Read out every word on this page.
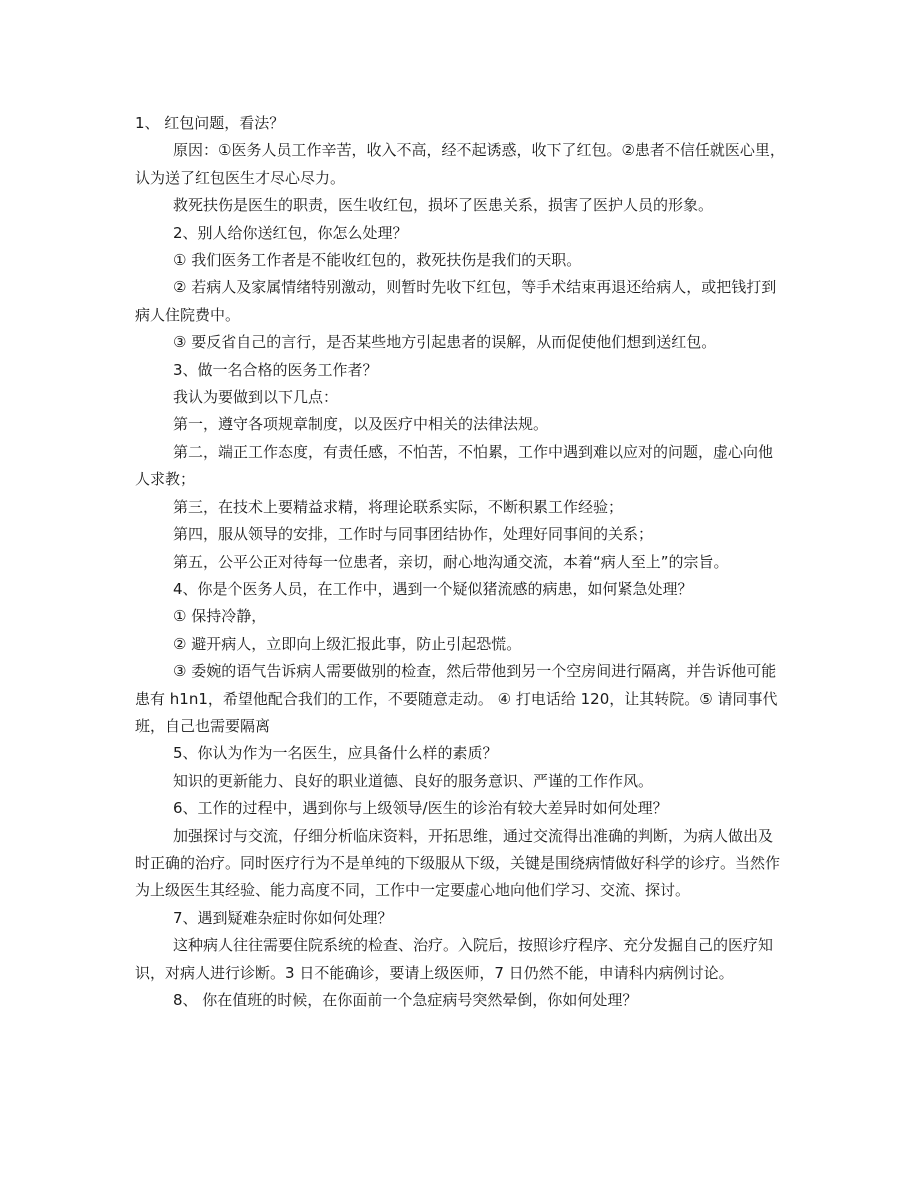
1、 红包问题，看法？

原因：①医务人员工作辛苦，收入不高，经不起诱惑，收下了红包。②患者不信任就医心里，认为送了红包医生才尽心尽力。

救死扶伤是医生的职责，医生收红包，损坏了医患关系，损害了医护人员的形象。

2、别人给你送红包，你怎么处理？

① 我们医务工作者是不能收红包的，救死扶伤是我们的天职。

② 若病人及家属情绪特别激动，则暂时先收下红包，等手术结束再退还给病人，或把钱打到病人住院费中。

③ 要反省自己的言行，是否某些地方引起患者的误解，从而促使他们想到送红包。

3、做一名合格的医务工作者？

我认为要做到以下几点：

第一，遵守各项规章制度，以及医疗中相关的法律法规。

第二，端正工作态度，有责任感，不怕苦，不怕累，工作中遇到难以应对的问题，虚心向他人求教；

第三，在技术上要精益求精，将理论联系实际，不断积累工作经验；

第四，服从领导的安排，工作时与同事团结协作，处理好同事间的关系；

第五，公平公正对待每一位患者，亲切，耐心地沟通交流，本着“病人至上”的宗旨。

4、你是个医务人员，在工作中，遇到一个疑似猪流感的病患，如何紧急处理？

① 保持冷静，

② 避开病人，立即向上级汇报此事，防止引起恐慌。

③ 委婉的语气告诉病人需要做别的检查，然后带他到另一个空房间进行隔离，并告诉他可能患有 h1n1，希望他配合我们的工作，不要随意走动。 ④ 打电话给 120，让其转院。⑤ 请同事代班，自己也需要隔离

5、你认为作为一名医生，应具备什么样的素质？

知识的更新能力、良好的职业道德、良好的服务意识、严谨的工作作风。

6、工作的过程中，遇到你与上级领导/医生的诊治有较大差异时如何处理？

加强探讨与交流，仔细分析临床资料，开拓思维，通过交流得出准确的判断，为病人做出及时正确的治疗。同时医疗行为不是单纯的下级服从下级，关键是围绕病情做好科学的诊疗。当然作为上级医生其经验、能力高度不同，工作中一定要虚心地向他们学习、交流、探讨。

7、遇到疑难杂症时你如何处理？

这种病人往往需要住院系统的检查、治疗。入院后，按照诊疗程序、充分发掘自己的医疗知识，对病人进行诊断。3 日不能确诊，要请上级医师，7 日仍然不能，申请科内病例讨论。

8、 你在值班的时候，在你面前一个急症病号突然晕倒，你如何处理？
